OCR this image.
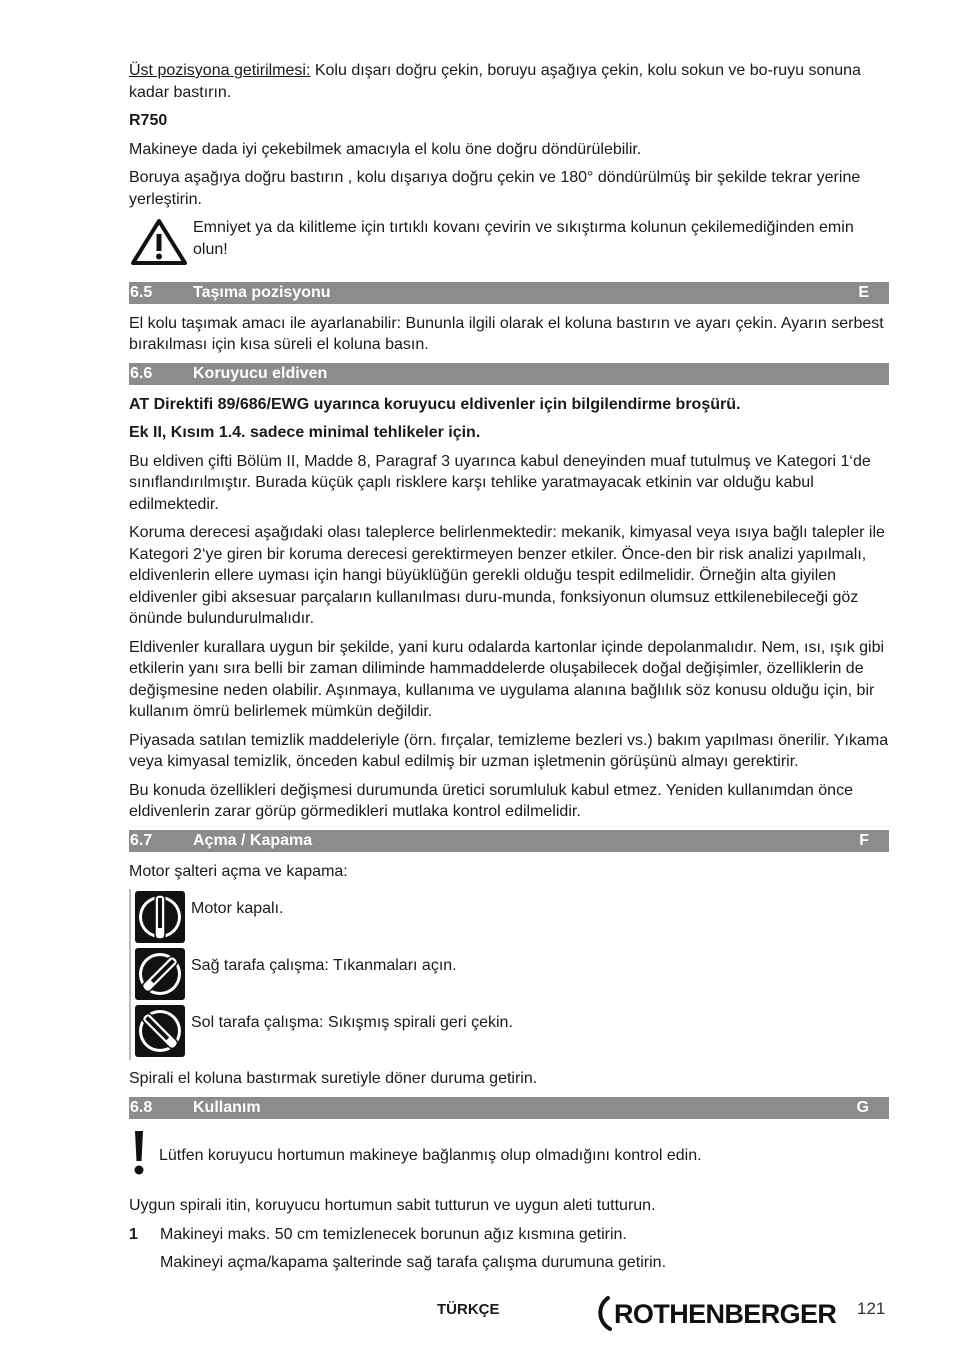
Üst pozisyona getirilmesi: Kolu dışarı doğru çekin, boruyu aşağıya çekin, kolu sokun ve bo-ruyu sonuna kadar bastırın.

R750

Makineye dada iyi çekebilmek amacıyla el kolu öne doğru döndürülebilir.

Boruya aşağıya doğru bastırın , kolu dışarıya doğru çekin ve 180° döndürülmüş bir şekilde tekrar yerine yerleştirin.

Emniyet ya da kilitleme için tırtıklı kovanı çevirin ve sıkıştırma kolunun çekilemediğinden emin olun!
6.5	Taşıma pozisyonu	E

El kolu taşımak amacı ile ayarlanabilir: Bununla ilgili olarak el koluna bastırın ve ayarı çekin. Ayarın serbest bırakılması için kısa süreli el koluna basın.

6.6	Koruyucu eldiven

AT Direktifi 89/686/EWG uyarınca koruyucu eldivenler için bilgilendirme broşürü.

Ek II, Kısım 1.4. sadece minimal tehlikeler için.

Bu eldiven çifti Bölüm II, Madde 8, Paragraf 3 uyarınca kabul deneyinden muaf tutulmuş ve Kategori 1‘de sınıflandırılmıştır. Burada küçük çaplı risklere karşı tehlike yaratmayacak etkinin var olduğu kabul edilmektedir.

Koruma derecesi aşağıdaki olası taleplerce belirlenmektedir: mekanik, kimyasal veya ısıya bağlı talepler ile Kategori 2‘ye giren bir koruma derecesi gerektirmeyen benzer etkiler. Önce-den bir risk analizi yapılmalı, eldivenlerin ellere uyması için hangi büyüklüğün gerekli olduğu tespit edilmelidir. Örneğin alta giyilen eldivenler gibi aksesuar parçaların kullanılması duru-munda, fonksiyonun olumsuz ettkilenebileceği göz önünde bulundurulmalıdır.

Eldivenler kurallara uygun bir şekilde, yani kuru odalarda kartonlar içinde depolanmalıdır. Nem, ısı, ışık gibi etkilerin yanı sıra belli bir zaman diliminde hammaddelerde oluşabilecek doğal değişimler, özelliklerin de değişmesine neden olabilir. Aşınmaya, kullanıma ve uygulama alanına bağlılık söz konusu olduğu için, bir kullanım ömrü belirlemek mümkün değildir.

Piyasada satılan temizlik maddeleriyle (örn. fırçalar, temizleme bezleri vs.) bakım yapılması önerilir. Yıkama veya kimyasal temizlik, önceden kabul edilmiş bir uzman işletmenin görüşünü almayı gerektirir.

Bu konuda özellikleri değişmesi durumunda üretici sorumluluk kabul etmez. Yeniden kullanımdan önce eldivenlerin zarar görüp görmedikleri mutlaka kontrol edilmelidir.

6.7	Açma / Kapama	F

Motor şalteri açma ve kapama:

Motor kapalı.
Sağ tarafa çalışma: Tıkanmaları açın.
Sol tarafa çalışma: Sıkışmış spirali geri çekin.

Spirali el koluna bastırmak suretiyle döner duruma getirin.

6.8	Kullanım	G
Lütfen koruyucu hortumun makineye bağlanmış olup olmadığını kontrol edin.

Uygun spirali itin, koruyucu hortumun sabit tutturun ve uygun aleti tutturun.

1	Makineyi maks. 50 cm temizlenecek borunun ağız kısmına getirin.

Makineyi açma/kapama şalterinde sağ tarafa çalışma durumuna getirin.

TÜRKÇE	ROTHENBERGER 121
